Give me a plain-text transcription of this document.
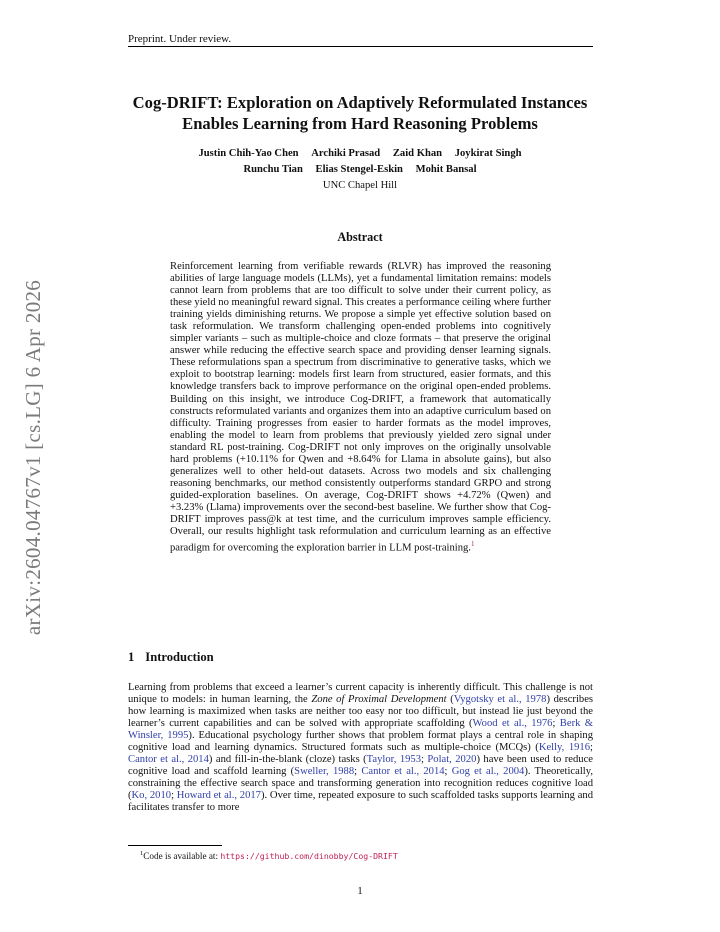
Preprint. Under review.
arXiv:2604.04767v1 [cs.LG] 6 Apr 2026
Cog-DRIFT: Exploration on Adaptively Reformulated Instances Enables Learning from Hard Reasoning Problems
Justin Chih-Yao Chen Archiki Prasad Zaid Khan Joykirat Singh
Runchu Tian Elias Stengel-Eskin Mohit Bansal
UNC Chapel Hill
Abstract
Reinforcement learning from verifiable rewards (RLVR) has improved the reasoning abilities of large language models (LLMs), yet a fundamental limitation remains: models cannot learn from problems that are too difficult to solve under their current policy, as these yield no meaningful reward signal. This creates a performance ceiling where further training yields diminishing returns. We propose a simple yet effective solution based on task reformulation. We transform challenging open-ended problems into cognitively simpler variants – such as multiple-choice and cloze formats – that preserve the original answer while reducing the effective search space and providing denser learning signals. These reformulations span a spectrum from discriminative to generative tasks, which we exploit to bootstrap learning: models first learn from structured, easier formats, and this knowledge transfers back to improve performance on the original open-ended problems. Building on this insight, we introduce Cog-DRIFT, a framework that automatically constructs reformulated variants and organizes them into an adaptive curriculum based on difficulty. Training progresses from easier to harder formats as the model improves, enabling the model to learn from problems that previously yielded zero signal under standard RL post-training. Cog-DRIFT not only improves on the originally unsolvable hard problems (+10.11% for Qwen and +8.64% for Llama in absolute gains), but also generalizes well to other held-out datasets. Across two models and six challenging reasoning benchmarks, our method consistently outperforms standard GRPO and strong guided-exploration baselines. On average, Cog-DRIFT shows +4.72% (Qwen) and +3.23% (Llama) improvements over the second-best baseline. We further show that Cog-DRIFT improves pass@k at test time, and the curriculum improves sample efficiency. Overall, our results highlight task reformulation and curriculum learning as an effective paradigm for overcoming the exploration barrier in LLM post-training.$^1$
1 Introduction
Learning from problems that exceed a learner’s current capacity is inherently difficult. This challenge is not unique to models: in human learning, the Zone of Proximal Development (Vygotsky et al., 1978) describes how learning is maximized when tasks are neither too easy nor too difficult, but instead lie just beyond the learner’s current capabilities and can be solved with appropriate scaffolding (Wood et al., 1976; Berk & Winsler, 1995). Educational psychology further shows that problem format plays a central role in shaping cognitive load and learning dynamics. Structured formats such as multiple-choice (MCQs) (Kelly, 1916; Cantor et al., 2014) and fill-in-the-blank (cloze) tasks (Taylor, 1953; Polat, 2020) have been used to reduce cognitive load and scaffold learning (Sweller, 1988; Cantor et al., 2014; Gog et al., 2004). Theoretically, constraining the effective search space and transforming generation into recognition reduces cognitive load (Ko, 2010; Howard et al., 2017). Over time, repeated exposure to such scaffolded tasks supports learning and facilitates transfer to more
$^1$Code is available at: https://github.com/dinobby/Cog-DRIFT
1
